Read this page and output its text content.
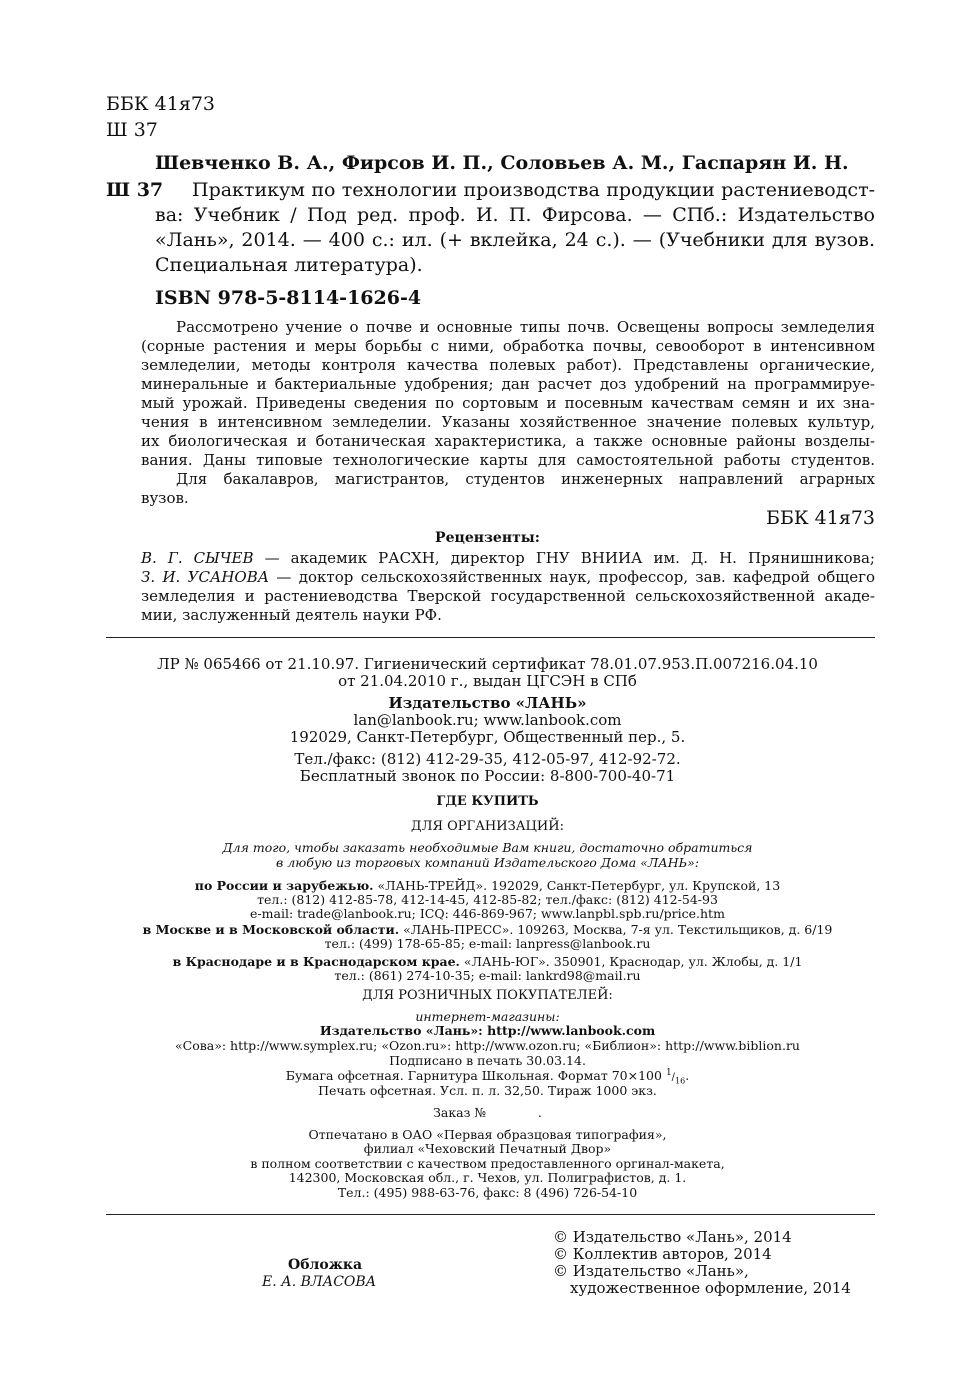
ББК 41я73
Ш 37
Шевченко В. А., Фирсов И. П., Соловьев А. М., Гаспарян И. Н.
Ш 37 Практикум по технологии производства продукции растениеводст-
ва: Учебник / Под ред. проф. И. П. Фирсова. — СПб.: Издательство
«Лань», 2014. — 400 с.: ил. (+ вклейка, 24 с.). — (Учебники для вузов.
Специальная литература).
ISBN 978-5-8114-1626-4
Рассмотрено учение о почве и основные типы почв. Освещены вопросы земледелия
(сорные растения и меры борьбы с ними, обработка почвы, севооборот в интенсивном
земледелии, методы контроля качества полевых работ). Представлены органические,
минеральные и бактериальные удобрения; дан расчет доз удобрений на программируе-
мый урожай. Приведены сведения по сортовым и посевным качествам семян и их зна-
чения в интенсивном земледелии. Указаны хозяйственное значение полевых культур,
их биологическая и ботаническая характеристика, а также основные районы возделы-
вания. Даны типовые технологические карты для самостоятельной работы студентов.
Для бакалавров, магистрантов, студентов инженерных направлений аграрных
вузов.
ББК 41я73
Рецензенты:
В. Г. СЫЧЕВ — академик РАСХН, директор ГНУ ВНИИА им. Д. Н. Прянишникова;
З. И. УСАНОВА — доктор сельскохозяйственных наук, профессор, зав. кафедрой общего
земледелия и растениеводства Тверской государственной сельскохозяйственной акаде-
мии, заслуженный деятель науки РФ.
ЛР № 065466 от 21.10.97. Гигиенический сертификат 78.01.07.953.П.007216.04.10
от 21.04.2010 г., выдан ЦГСЭН в СПб
Издательство «ЛАНЬ»
lan@lanbook.ru; www.lanbook.com
192029, Санкт-Петербург, Общественный пер., 5.
Тел./факс: (812) 412-29-35, 412-05-97, 412-92-72.
Бесплатный звонок по России: 8-800-700-40-71
ГДЕ КУПИТЬ
ДЛЯ ОРГАНИЗАЦИЙ:
Для того, чтобы заказать необходимые Вам книги, достаточно обратиться
в любую из торговых компаний Издательского Дома «ЛАНЬ»:
по России и зарубежью. «ЛАНЬ-ТРЕЙД». 192029, Санкт-Петербург, ул. Крупской, 13
тел.: (812) 412-85-78, 412-14-45, 412-85-82; тел./факс: (812) 412-54-93
e-mail: trade@lanbook.ru; ICQ: 446-869-967; www.lanpbl.spb.ru/price.htm
в Москве и в Московской области. «ЛАНЬ-ПРЕСС». 109263, Москва, 7-я ул. Текстильщиков, д. 6/19
тел.: (499) 178-65-85; e-mail: lanpress@lanbook.ru
в Краснодаре и в Краснодарском крае. «ЛАНЬ-ЮГ». 350901, Краснодар, ул. Жлобы, д. 1/1
тел.: (861) 274-10-35; e-mail: lankrd98@mail.ru
ДЛЯ РОЗНИЧНЫХ ПОКУПАТЕЛЕЙ:
интернет-магазины:
Издательство «Лань»: http://www.lanbook.com
«Сова»: http://www.symplex.ru; «Ozon.ru»: http://www.ozon.ru; «Библион»: http://www.biblion.ru
Подписано в печать 30.03.14.
Бумага офсетная. Гарнитура Школьная. Формат 70×100 $^1/_{16}$.
Печать офсетная. Усл. п. л. 32,50. Тираж 1000 экз.
Заказ №             .
Отпечатано в ОАО «Первая образцовая типография»,
филиал «Чеховский Печатный Двор»
в полном соответствии с качеством предоставленного оргинал-макета,
142300, Московская обл., г. Чехов, ул. Полиграфистов, д. 1.
Тел.: (495) 988-63-76, факс: 8 (496) 726-54-10
Обложка
Е. А. ВЛАСОВА
© Издательство «Лань», 2014
© Коллектив авторов, 2014
© Издательство «Лань»,
художественное оформление, 2014
